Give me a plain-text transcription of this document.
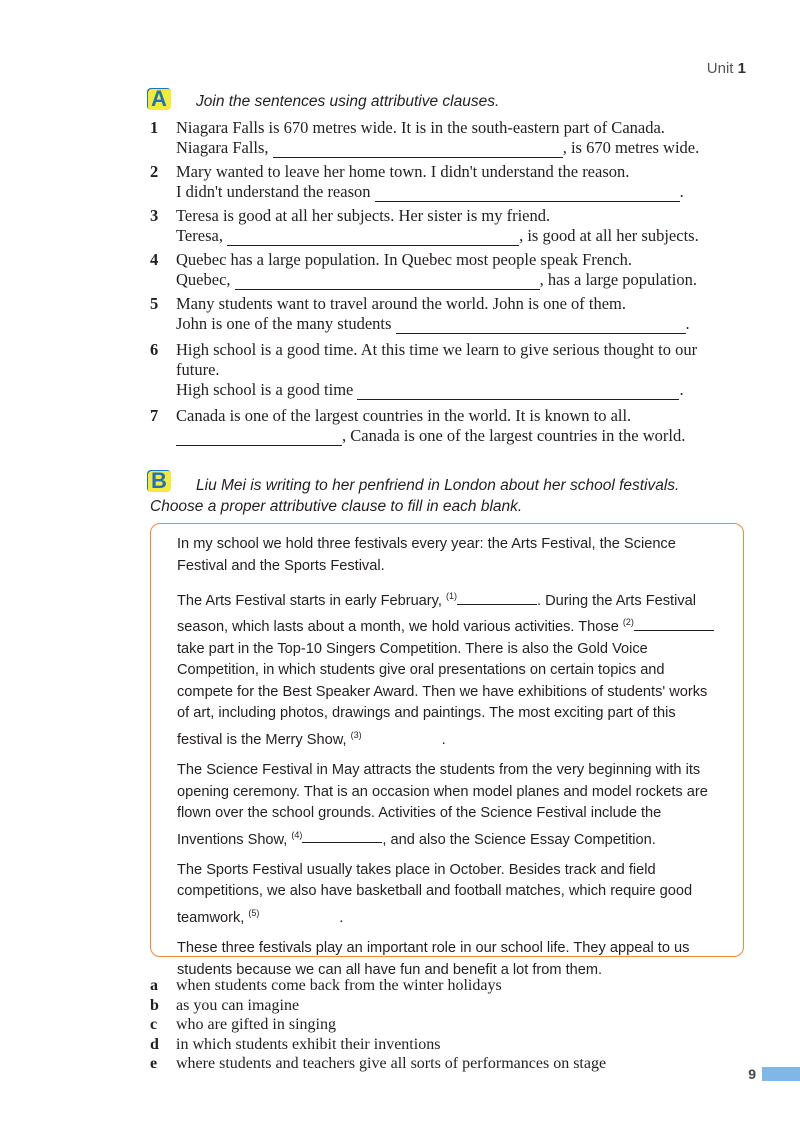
Unit 1
A Join the sentences using attributive clauses.
1	Niagara Falls is 670 metres wide. It is in the south-eastern part of Canada.
Niagara Falls,
	, is 670 metres wide.
2	Mary wanted to leave her home town. I didn't understand the reason.
I didn't understand the reason
	.
3	Teresa is good at all her subjects. Her sister is my friend.
Teresa,
	, is good at all her subjects.
4	Quebec has a large population. In Quebec most people speak French.
Quebec,
	, has a large population.
5	Many students want to travel around the world. John is one of them.
John is one of the many students
	.
6	High school is a good time. At this time we learn to give serious thought to our future.
High school is a good time
	.
7	Canada is one of the largest countries in the world. It is known to all.
, Canada is one of the largest countries in the world.
B	Liu Mei is writing to her penfriend in London about her school festivals. Choose a proper attributive clause to fill in each blank.

In my school we hold three festivals every year: the Arts Festival, the Science Festival and the Sports Festival.

The Arts Festival starts in early February, $^{(1)}$	. During the Arts Festival season, which lasts about a month, we hold various activities. Those $^{(2)}$ take part in the Top-10 Singers Competition. There is also the Gold Voice Competition, in which students give oral presentations on certain topics and compete for the Best Speaker Award. Then we have exhibitions of students' works of art, including photos, drawings and paintings. The most exciting part of this festival is the Merry Show, $^{(3)}$	.

The Science Festival in May attracts the students from the very beginning with its opening ceremony. That is an occasion when model planes and model rockets are flown over the school grounds. Activities of the Science Festival include the Inventions Show, $^{(4)}$	, and also the Science Essay Competition.

The Sports Festival usually takes place in October. Besides track and field competitions, we also have basketball and football matches, which require good teamwork, $^{(5)}$	.

These three festivals play an important role in our school life. They appeal to us students because we can all have fun and benefit a lot from them.

a	when students come back from the winter holidays
b	as you can imagine
c	who are gifted in singing
d	in which students exhibit their inventions
e	where students and teachers give all sorts of performances on stage
9
